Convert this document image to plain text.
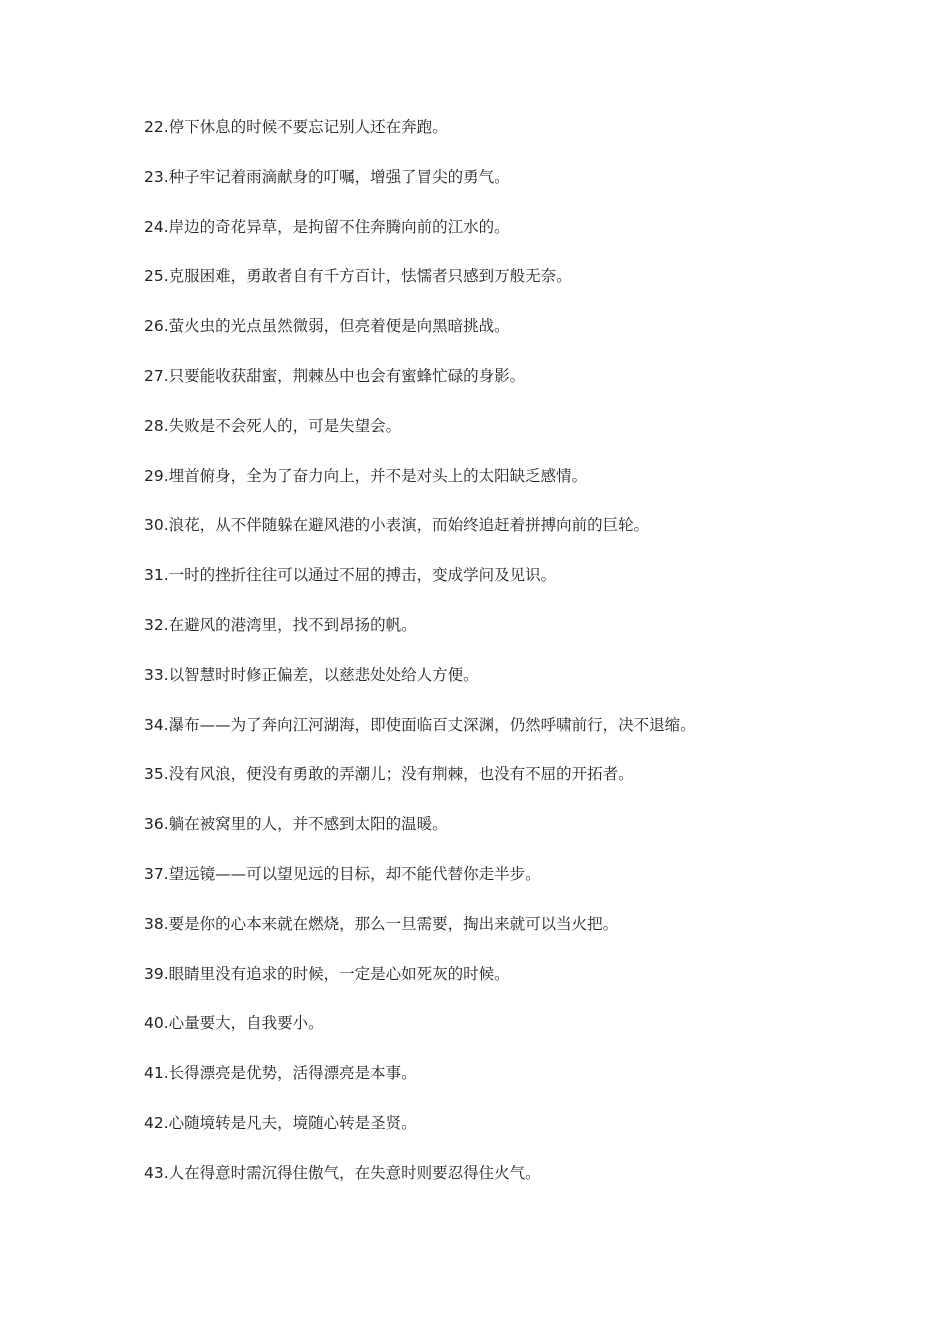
22.停下休息的时候不要忘记别人还在奔跑。
23.种子牢记着雨滴献身的叮嘱，增强了冒尖的勇气。
24.岸边的奇花异草，是拘留不住奔腾向前的江水的。
25.克服困难，勇敢者自有千方百计，怯懦者只感到万般无奈。
26.萤火虫的光点虽然微弱，但亮着便是向黑暗挑战。
27.只要能收获甜蜜，荆棘丛中也会有蜜蜂忙碌的身影。
28.失败是不会死人的，可是失望会。
29.埋首俯身，全为了奋力向上，并不是对头上的太阳缺乏感情。
30.浪花，从不伴随躲在避风港的小表演，而始终追赶着拼搏向前的巨轮。
31.一时的挫折往往可以通过不屈的搏击，变成学问及见识。
32.在避风的港湾里，找不到昂扬的帆。
33.以智慧时时修正偏差，以慈悲处处给人方便。
34.瀑布——为了奔向江河湖海，即使面临百丈深渊，仍然呼啸前行，决不退缩。
35.没有风浪，便没有勇敢的弄潮儿；没有荆棘，也没有不屈的开拓者。
36.躺在被窝里的人，并不感到太阳的温暖。
37.望远镜——可以望见远的目标，却不能代替你走半步。
38.要是你的心本来就在燃烧，那么一旦需要，掏出来就可以当火把。
39.眼睛里没有追求的时候，一定是心如死灰的时候。
40.心量要大，自我要小。
41.长得漂亮是优势，活得漂亮是本事。
42.心随境转是凡夫，境随心转是圣贤。
43.人在得意时需沉得住傲气，在失意时则要忍得住火气。
